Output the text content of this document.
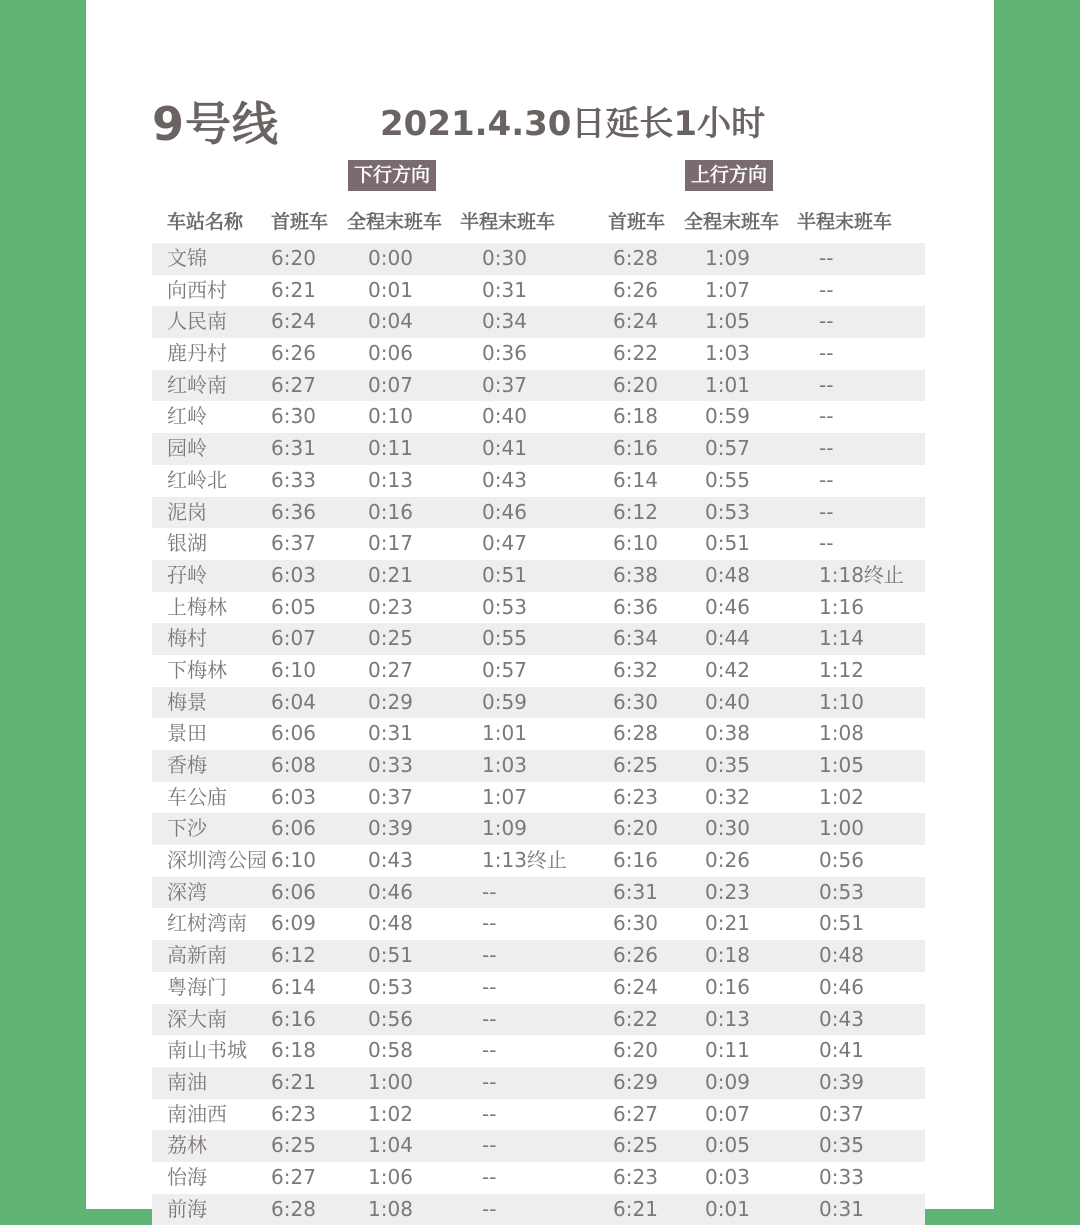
9号线	2021.4.30日延长1小时
下行方向	上行方向
车站名称 首班车 全程末班车 半程末班车	首班车 全程末班车 半程末班车
文锦	6:20	0:00	0:30	6:28 1:09	--
向西村 6:21	0:01	0:31	6:26 1:07	--
人民南 6:24	0:04	0:34	6:24 1:05	--
鹿丹村 6:26	0:06	0:36	6:22 1:03	--
红岭南 6:27	0:07	0:37	6:20 1:01	--
红岭	6:30	0:10	0:40	6:18 0:59	--
园岭	6:31	0:11	0:41	6:16 0:57	--
红岭北 6:33	0:13	0:43	6:14 0:55	--
泥岗	6:36	0:16	0:46	6:12 0:53	--
银湖	6:37	0:17	0:47	6:10 0:51	--
孖岭	6:03	0:21	0:51	6:38 0:48	1:18终止
上梅林 6:05	0:23	0:53	6:36 0:46	1:16
梅村	6:07	0:25	0:55	6:34 0:44	1:14
下梅林 6:10	0:27	0:57	6:32 0:42	1:12
梅景	6:04	0:29	0:59	6:30 0:40	1:10
景田	6:06	0:31	1:01	6:28 0:38	1:08
香梅	6:08	0:33	1:03	6:25 0:35	1:05
车公庙 6:03	0:37	1:07	6:23 0:32	1:02
下沙	6:06	0:39	1:09	6:20 0:30	1:00
深圳湾公园 6:10	0:43	1:13终止 6:16 0:26	0:56
深湾	6:06	0:46	--	6:31 0:23	0:53
红树湾南 6:09	0:48	--	6:30 0:21	0:51
高新南 6:12	0:51	--	6:26 0:18	0:48
粤海门 6:14	0:53	--	6:24 0:16	0:46
深大南 6:16	0:56	--	6:22 0:13	0:43
南山书城 6:18	0:58	--	6:20 0:11	0:41
南油	6:21	1:00	--	6:29 0:09	0:39
南油西 6:23	1:02	--	6:27 0:07	0:37
荔林	6:25	1:04	--	6:25 0:05	0:35
怡海	6:27	1:06	--	6:23 0:03	0:33
前海	6:28	1:08	--	6:21 0:01	0:31
